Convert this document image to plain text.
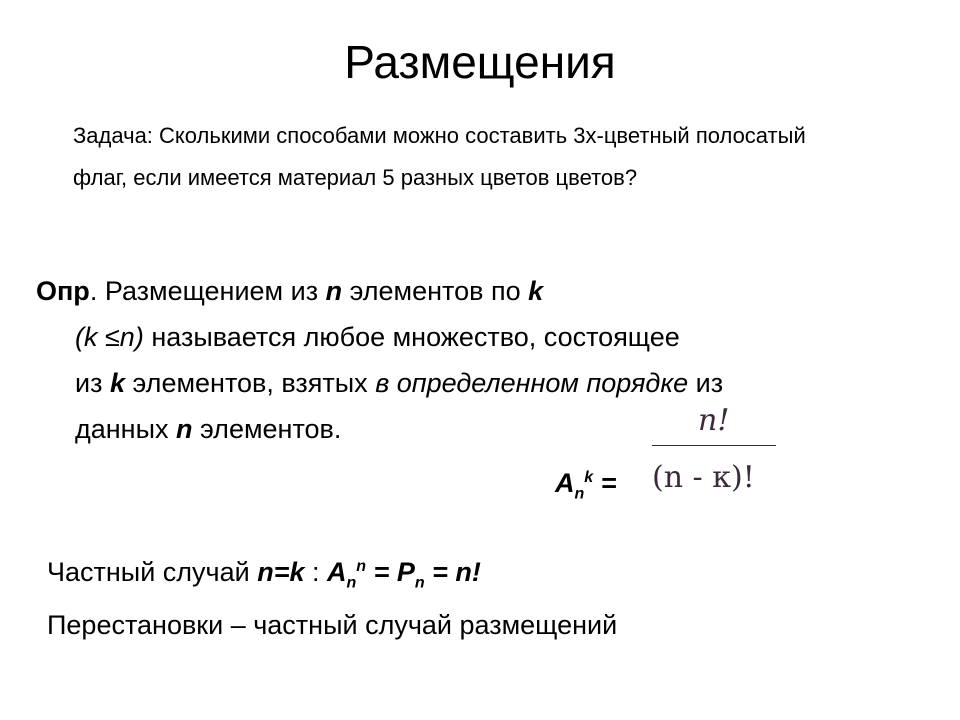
Размещения
Задача: Сколькими способами можно составить 3х-цветный полосатый флаг, если имеется материал 5 разных цветов цветов?
Опр. Размещением из n элементов по k
(k ≤n) называется любое множество, состоящее
из k элементов, взятых в определенном порядке из
данных n элементов.
$A_n^k$ =
n!
(n - к)!
Частный случай n=k : $A_n^n = P_n = n$!
Перестановки – частный случай размещений
